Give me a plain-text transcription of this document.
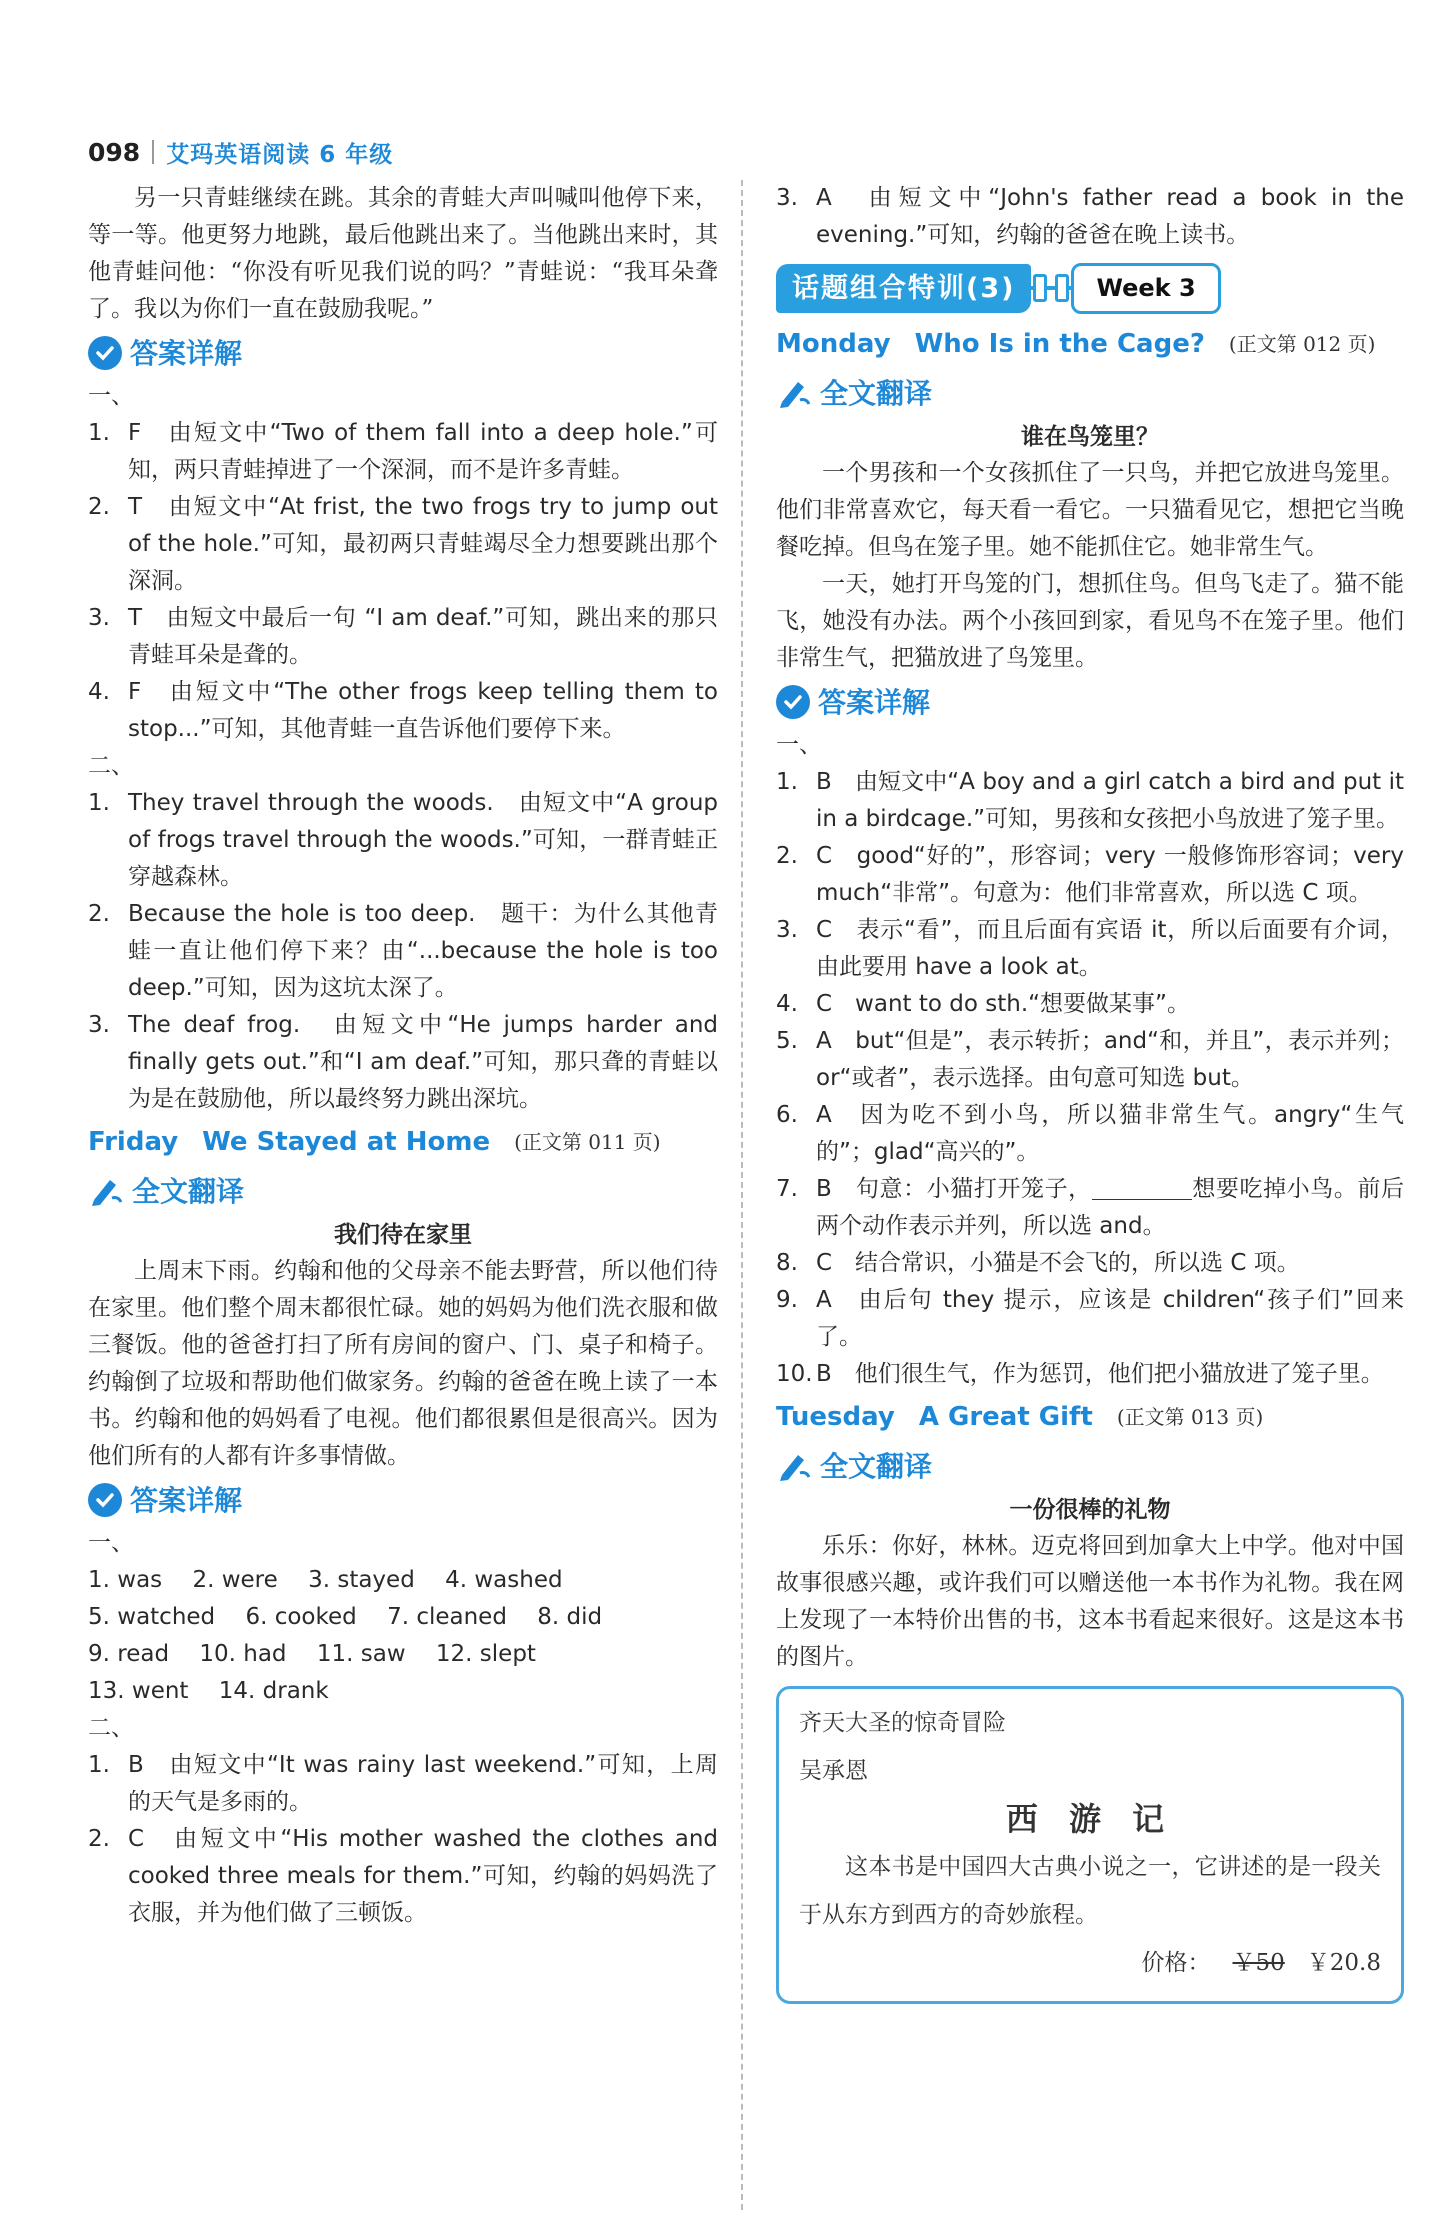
098 艾玛英语阅读 6 年级

另一只青蛙继续在跳。其余的青蛙大声叫喊叫他停下来，等一等。他更努力地跳，最后他跳出来了。当他跳出来时，其他青蛙问他：“你没有听见我们说的吗？”青蛙说：“我耳朵聋了。我以为你们一直在鼓励我呢。”

答案详解

一、

1. F　由短文中“Two of them fall into a deep hole.”可知，两只青蛙掉进了一个深洞，而不是许多青蛙。
2. T　由短文中“At frist, the two frogs try to jump out of the hole.”可知，最初两只青蛙竭尽全力想要跳出那个深洞。
3. T　由短文中最后一句 “I am deaf.”可知，跳出来的那只青蛙耳朵是聋的。
4. F　由短文中“The other frogs keep telling them to stop...”可知，其他青蛙一直告诉他们要停下来。

二、

1. They travel through the woods.　由短文中“A group of frogs travel through the woods.”可知，一群青蛙正穿越森林。
2. Because the hole is too deep.　题干：为什么其他青蛙一直让他们停下来？由“...because the hole is too deep.”可知，因为这坑太深了。
3. The deaf frog.　由短文中“He jumps harder and finally gets out.”和“I am deaf.”可知，那只聋的青蛙以为是在鼓励他，所以最终努力跳出深坑。
Friday We Stayed at Home (正文第 011 页)
全文翻译

我们待在家里

上周末下雨。约翰和他的父母亲不能去野营，所以他们待在家里。他们整个周末都很忙碌。她的妈妈为他们洗衣服和做三餐饭。他的爸爸打扫了所有房间的窗户、门、桌子和椅子。约翰倒了垃圾和帮助他们做家务。约翰的爸爸在晚上读了一本书。约翰和他的妈妈看了电视。他们都很累但是很高兴。因为他们所有的人都有许多事情做。

答案详解

一、

1. was　 2. were　 3. stayed　 4. washed

5. watched　 6. cooked　 7. cleaned　 8. did

9. read　 10. had　 11. saw　 12. slept

13. went　 14. drank

二、

1. B　由短文中“It was rainy last weekend.”可知，上周的天气是多雨的。
2. C　由短文中“His mother washed the clothes and cooked three meals for them.”可知，约翰的妈妈洗了衣服，并为他们做了三顿饭。
3. A　由短文中“John's father read a book in the evening.”可知，约翰的爸爸在晚上读书。
话题组合特训(3)	Week 3
Monday Who Is in the Cage? (正文第 012 页)
全文翻译

谁在鸟笼里？

一个男孩和一个女孩抓住了一只鸟，并把它放进鸟笼里。他们非常喜欢它，每天看一看它。一只猫看见它，想把它当晚餐吃掉。但鸟在笼子里。她不能抓住它。她非常生气。

一天，她打开鸟笼的门，想抓住鸟。但鸟飞走了。猫不能飞，她没有办法。两个小孩回到家，看见鸟不在笼子里。他们非常生气，把猫放进了鸟笼里。

答案详解

一、

1. B　由短文中“A boy and a girl catch a bird and put it in a birdcage.”可知，男孩和女孩把小鸟放进了笼子里。
2. C　good“好的”，形容词；very 一般修饰形容词；very much“非常”。句意为：他们非常喜欢，所以选 C 项。
3. C　表示“看”，而且后面有宾语 it，所以后面要有介词，由此要用 have a look at。
4. C　want to do sth.“想要做某事”。
5. A　but“但是”，表示转折；and“和，并且”，表示并列；or“或者”，表示选择。由句意可知选 but。
6. A　因为吃不到小鸟，所以猫非常生气。angry“生气的”；glad“高兴的”。
7. B　句意：小猫打开笼子，	想要吃掉小鸟。前后两个动作表示并列，所以选 and。
8. C　结合常识，小猫是不会飞的，所以选 C 项。
9. A　由后句 they 提示，应该是 children“孩子们”回来了。
10. B　他们很生气，作为惩罚，他们把小猫放进了笼子里。
Tuesday A Great Gift (正文第 013 页)
全文翻译

一份很棒的礼物

乐乐：你好，林林。迈克将回到加拿大上中学。他对中国故事很感兴趣，或许我们可以赠送他一本书作为礼物。我在网上发现了一本特价出售的书，这本书看起来很好。这是这本书的图片。

齐天大圣的惊奇冒险
吴承恩
西 游 记
这本书是中国四大古典小说之一，它讲述的是一段关于从东方到西方的奇妙旅程。
价格： ￥50 ￥20.8
